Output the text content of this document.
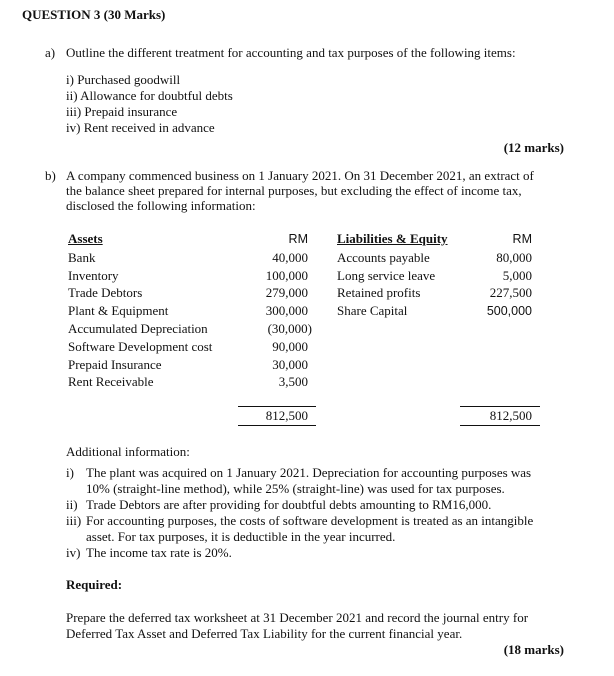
QUESTION 3 (30 Marks)
a) Outline the different treatment for accounting and tax purposes of the following items:
i) Purchased goodwill
ii) Allowance for doubtful debts
iii) Prepaid insurance
iv) Rent received in advance
(12 marks)
b) A company commenced business on 1 January 2021. On 31 December 2021, an extract of
the balance sheet prepared for internal purposes, but excluding the effect of income tax,
disclosed the following information:
Assets	RM
Bank	40,000
Inventory	100,000
Trade Debtors	279,000
Plant & Equipment	300,000
Accumulated Depreciation	(30,000)
Software Development cost	90,000
Prepaid Insurance	30,000
Rent Receivable	3,500
812,500
Liabilities & Equity	RM
Accounts payable	80,000
Long service leave	5,000
Retained profits	227,500
Share Capital	500,000
812,500
Additional information:
i) The plant was acquired on 1 January 2021. Depreciation for accounting purposes was
10% (straight-line method), while 25% (straight-line) was used for tax purposes.
ii) Trade Debtors are after providing for doubtful debts amounting to RM16,000.
iii) For accounting purposes, the costs of software development is treated as an intangible
asset. For tax purposes, it is deductible in the year incurred.
iv) The income tax rate is 20%.
Required:
Prepare the deferred tax worksheet at 31 December 2021 and record the journal entry for
Deferred Tax Asset and Deferred Tax Liability for the current financial year.
(18 marks)
